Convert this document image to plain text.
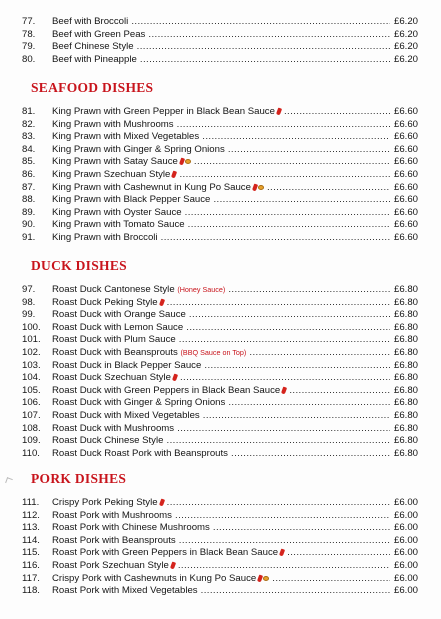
77.	Beef with Broccoli .....	£6.20
78.	Beef with Green Peas .....	£6.20
79.	Beef Chinese Style .....	£6.20
80.	Beef with Pineapple .....	£6.20
SEAFOOD DISHES
81.	King Prawn with Green Pepper in Black Bean Sauce .....	£6.60
82.	King Prawn with Mushrooms .....	£6.60
83.	King Prawn with Mixed Vegetables .....	£6.60
84.	King Prawn with Ginger & Spring Onions .....	£6.60
85.	King Prawn with Satay Sauce .....	£6.60
86.	King Prawn Szechuan Style .....	£6.60
87.	King Prawn with Cashewnut in Kung Po Sauce .....	£6.60
88.	King Prawn with Black Pepper Sauce .....	£6.60
89.	King Prawn with Oyster Sauce .....	£6.60
90.	King Prawn with Tomato Sauce .....	£6.60
91.	King Prawn with Broccoli .....	£6.60
DUCK DISHES
97.	Roast Duck Cantonese Style (Honey Sauce) .....	£6.80
98.	Roast Duck Peking Style .....	£6.80
99.	Roast Duck with Orange Sauce .....	£6.80
100.	Roast Duck with Lemon Sauce .....	£6.80
101.	Roast Duck with Plum Sauce .....	£6.80
102.	Roast Duck with Beansprouts (BBQ Sauce on Top) .....	£6.80
103.	Roast Duck in Black Pepper Sauce .....	£6.80
104.	Roast Duck Szechuan Style .....	£6.80
105.	Roast Duck with Green Peppers in Black Bean Sauce .....	£6.80
106.	Roast Duck with Ginger & Spring Onions .....	£6.80
107.	Roast Duck with Mixed Vegetables .....	£6.80
108.	Roast Duck with Mushrooms .....	£6.80
109.	Roast Duck Chinese Style .....	£6.80
110.	Roast Duck Roast Pork with Beansprouts .....	£6.80
PORK DISHES
111.	Crispy Pork Peking Style .....	£6.00
112.	Roast Pork with Mushrooms .....	£6.00
113.	Roast Pork with Chinese Mushrooms .....	£6.00
114.	Roast Pork with Beansprouts .....	£6.00
115.	Roast Pork with Green Peppers in Black Bean Sauce .....	£6.00
116.	Roast Pork Szechuan Style .....	£6.00
117.	Crispy Pork with Cashewnuts in Kung Po Sauce .....	£6.00
118.	Roast Pork with Mixed Vegetables .....	£6.00
